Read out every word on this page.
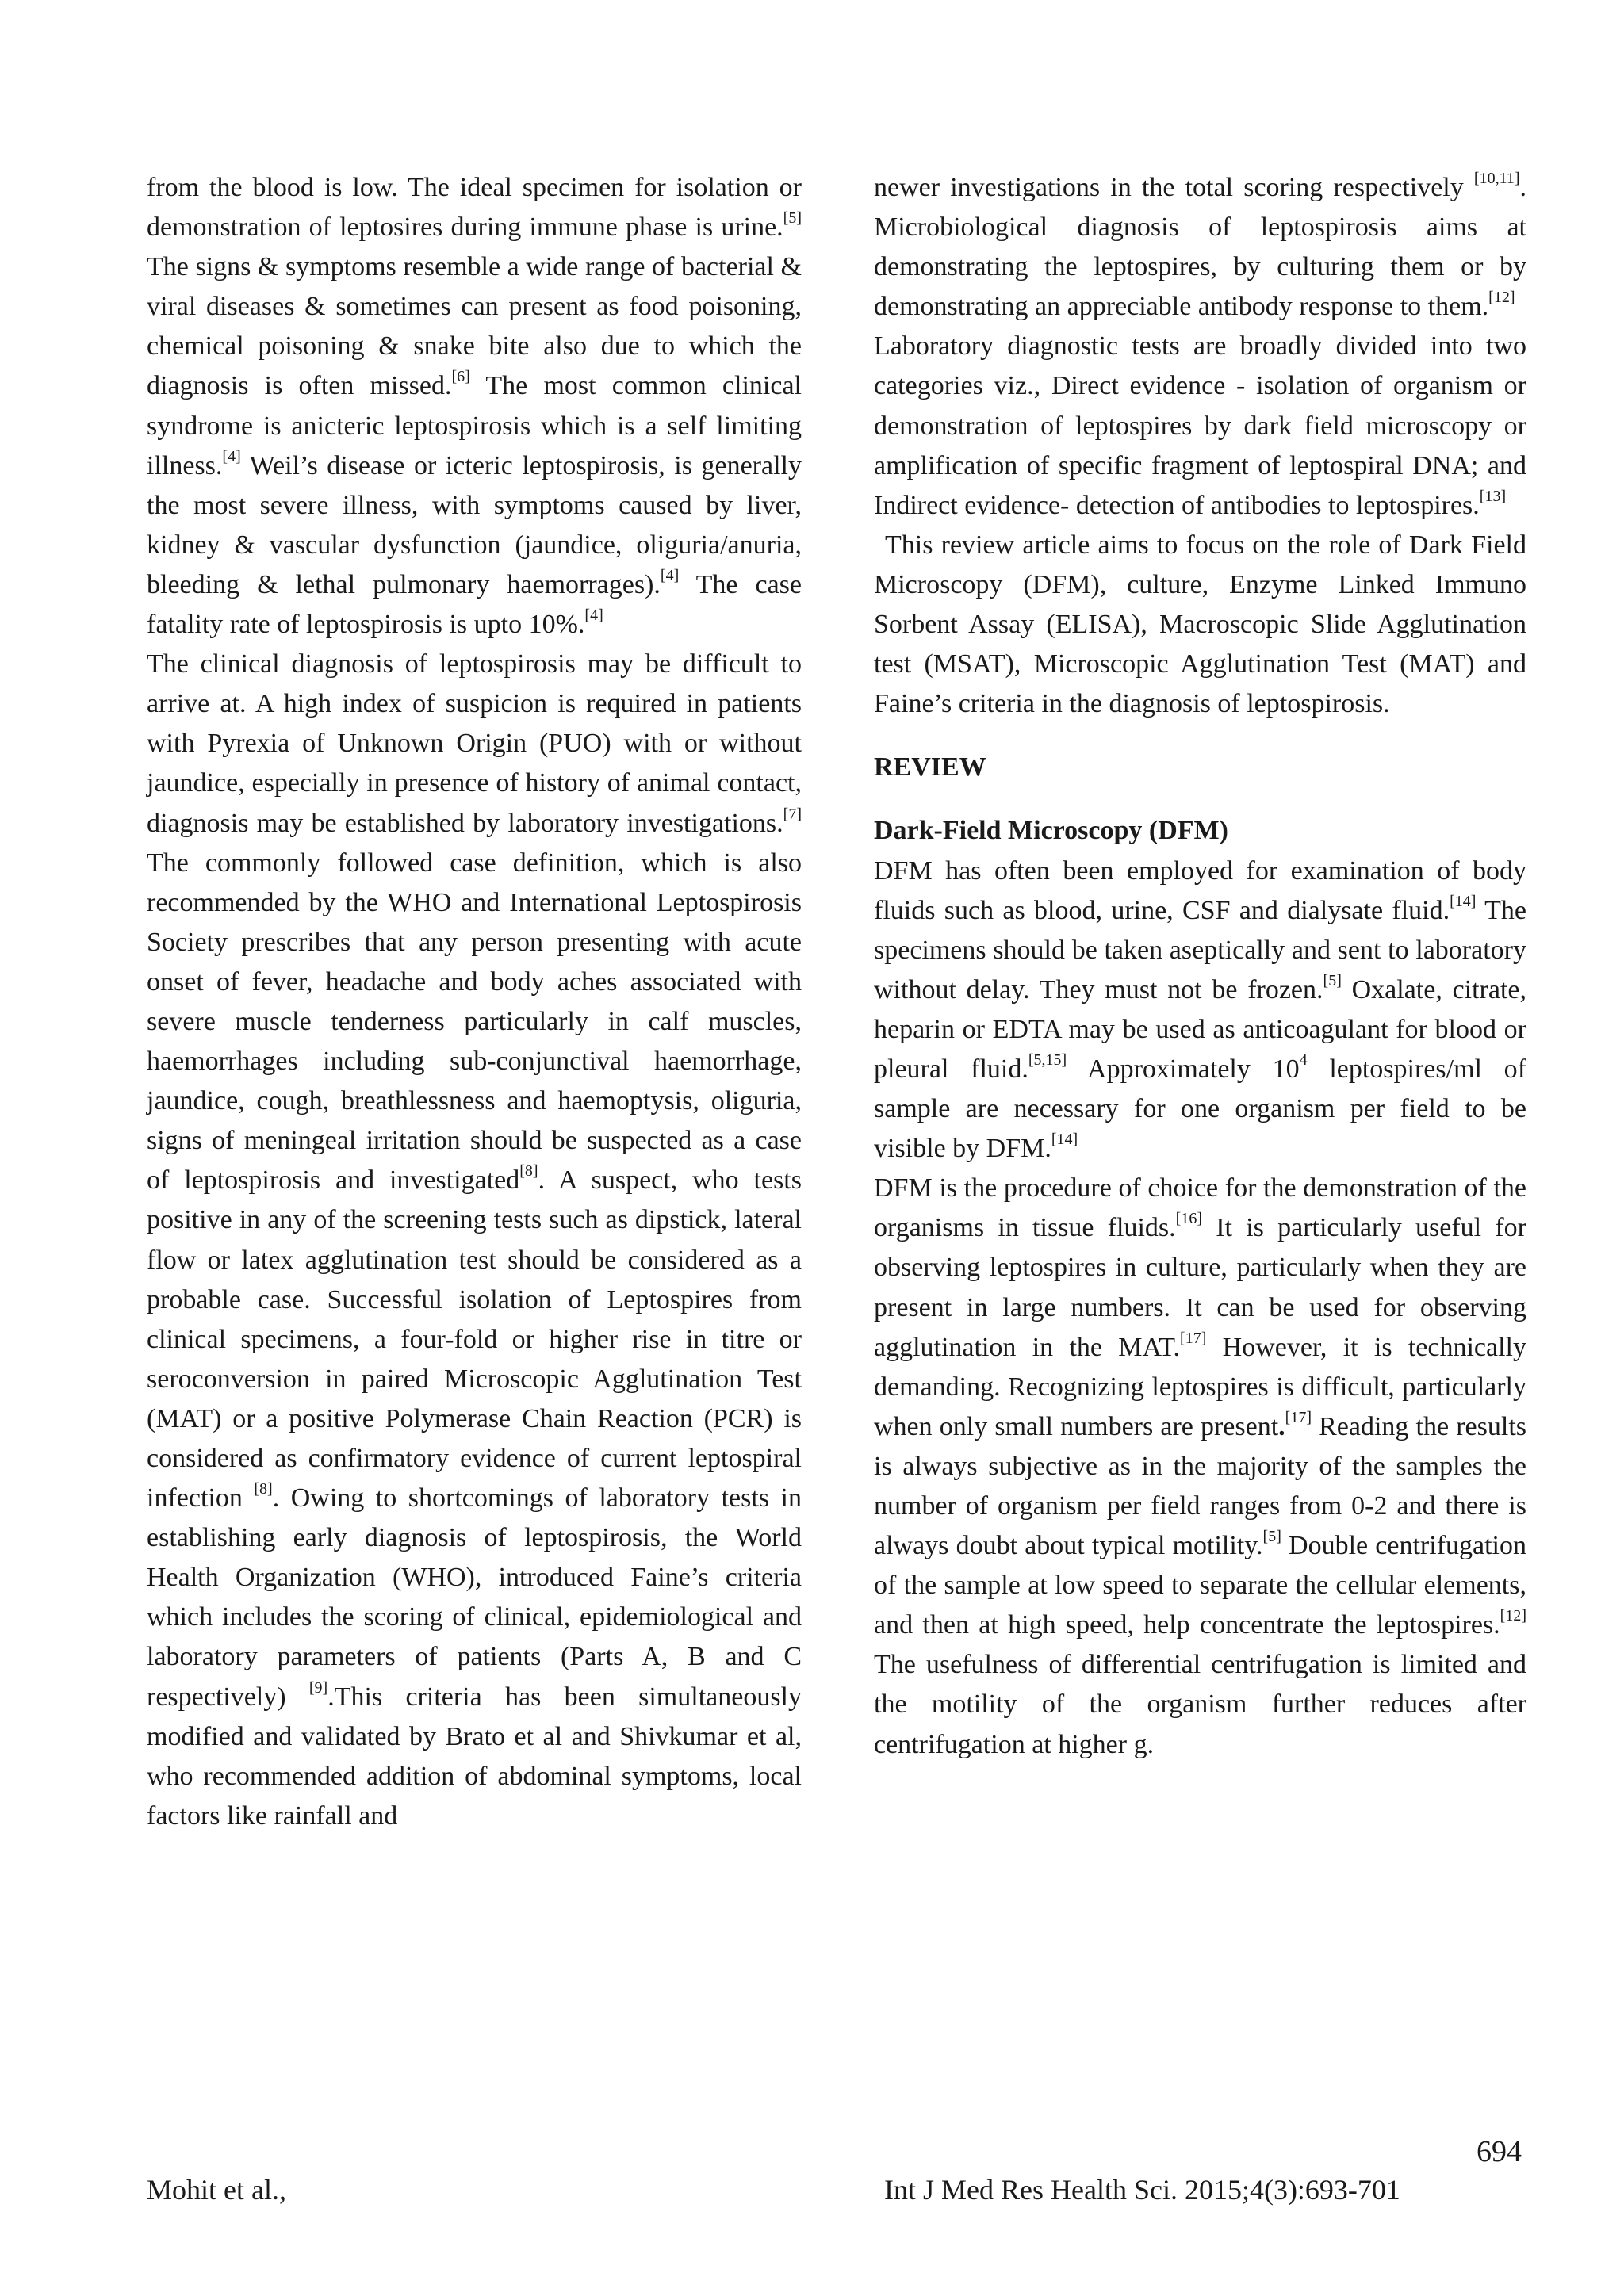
from the blood is low. The ideal specimen for isolation or demonstration of leptosires during immune phase is urine.[5] The signs & symptoms resemble a wide range of bacterial & viral diseases & sometimes can present as food poisoning, chemical poisoning & snake bite also due to which the diagnosis is often missed.[6] The most common clinical syndrome is anicteric leptospirosis which is a self limiting illness.[4] Weil’s disease or icteric leptospirosis, is generally the most severe illness, with symptoms caused by liver, kidney & vascular dysfunction (jaundice, oliguria/anuria, bleeding & lethal pulmonary haemorrages).[4] The case fatality rate of leptospirosis is upto 10%.[4]

The clinical diagnosis of leptospirosis may be difficult to arrive at. A high index of suspicion is required in patients with Pyrexia of Unknown Origin (PUO) with or without jaundice, especially in presence of history of animal contact, diagnosis may be established by laboratory investigations.[7] The commonly followed case definition, which is also recommended by the WHO and International Leptospirosis Society prescribes that any person presenting with acute onset of fever, headache and body aches associated with severe muscle tenderness particularly in calf muscles, haemorrhages including sub-conjunctival haemorrhage, jaundice, cough, breathlessness and haemoptysis, oliguria, signs of meningeal irritation should be suspected as a case of leptospirosis and investigated[8]. A suspect, who tests positive in any of the screening tests such as dipstick, lateral flow or latex agglutination test should be considered as a probable case. Successful isolation of Leptospires from clinical specimens, a four-fold or higher rise in titre or seroconversion in paired Microscopic Agglutination Test (MAT) or a positive Polymerase Chain Reaction (PCR) is considered as confirmatory evidence of current leptospiral infection [8]. Owing to shortcomings of laboratory tests in establishing early diagnosis of leptospirosis, the World Health Organization (WHO), introduced Faine’s criteria which includes the scoring of clinical, epidemiological and laboratory parameters of patients (Parts A, B and C respectively) [9].This criteria has been simultaneously modified and validated by Brato et al and Shivkumar et al, who recommended addition of abdominal symptoms, local factors like rainfall and

newer investigations in the total scoring respectively [10,11]. Microbiological diagnosis of leptospirosis aims at demonstrating the leptospires, by culturing them or by demonstrating an appreciable antibody response to them.[12]

Laboratory diagnostic tests are broadly divided into two categories viz., Direct evidence - isolation of organism or demonstration of leptospires by dark field microscopy or amplification of specific fragment of leptospiral DNA; and Indirect evidence- detection of antibodies to leptospires.[13]

This review article aims to focus on the role of Dark Field Microscopy (DFM), culture, Enzyme Linked Immuno Sorbent Assay (ELISA), Macroscopic Slide Agglutination test (MSAT), Microscopic Agglutination Test (MAT) and Faine’s criteria in the diagnosis of leptospirosis.

REVIEW
Dark-Field Microscopy (DFM)

DFM has often been employed for examination of body fluids such as blood, urine, CSF and dialysate fluid.[14] The specimens should be taken aseptically and sent to laboratory without delay. They must not be frozen.[5] Oxalate, citrate, heparin or EDTA may be used as anticoagulant for blood or pleural fluid.[5,15] Approximately $10^4$ leptospires/ml of sample are necessary for one organism per field to be visible by DFM.[14]

DFM is the procedure of choice for the demonstration of the organisms in tissue fluids.[16] It is particularly useful for observing leptospires in culture, particularly when they are present in large numbers. It can be used for observing agglutination in the MAT.[17] However, it is technically demanding. Recognizing leptospires is difficult, particularly when only small numbers are present.[17] Reading the results is always subjective as in the majority of the samples the number of organism per field ranges from 0-2 and there is always doubt about typical motility.[5] Double centrifugation of the sample at low speed to separate the cellular elements, and then at high speed, help concentrate the leptospires.[12] The usefulness of differential centrifugation is limited and the motility of the organism further reduces after centrifugation at higher g.

694
Mohit et al.,	Int J Med Res Health Sci. 2015;4(3):693-701
